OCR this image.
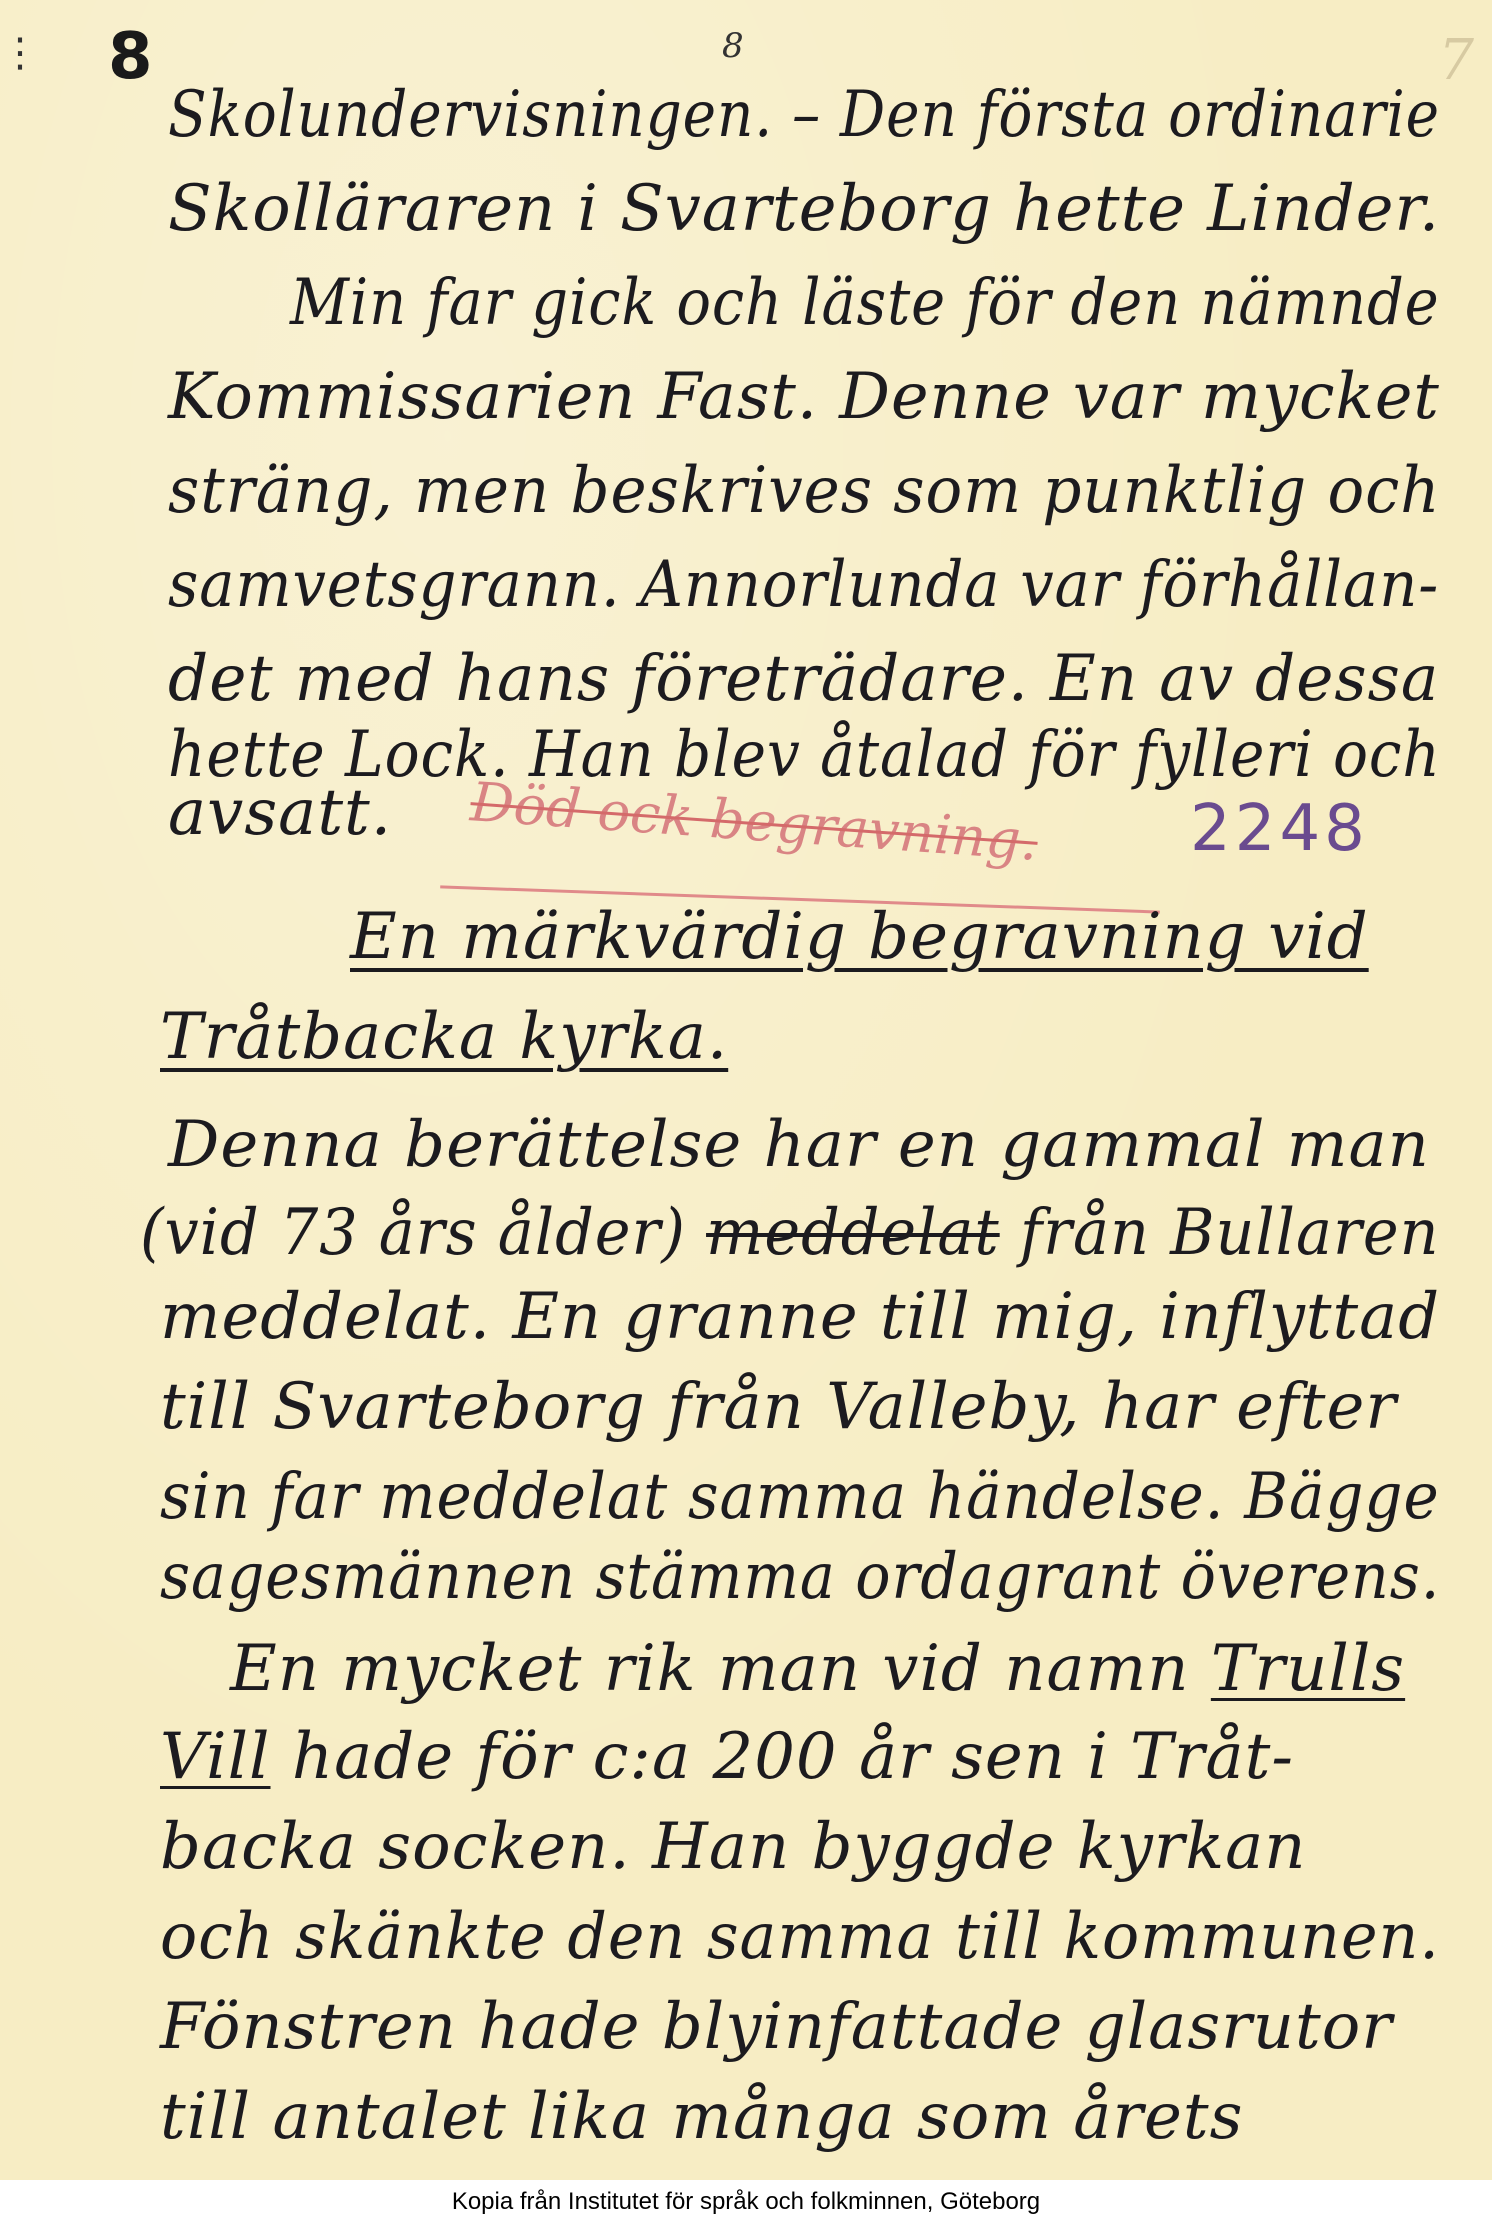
⋮ 8	8	7
Skolundervisningen. – Den första ordinarie
Skolläraren i Svarteborg hette Linder.
Min far gick och läste för den nämnde
Kommissarien Fast. Denne var mycket
sträng, men beskrives som punktlig och
samvetsgrann. Annorlunda var förhållan-
det med hans företrädare. En av dessa
hette Lock. Han blev åtalad för fylleri och
avsatt. Död ock begravning. 2248
En märkvärdig begravning vid
Tråtbacka kyrka.
Denna berättelse har en gammal man
(vid 73 års ålder) meddelat från Bullaren
meddelat. En granne till mig, inflyttad
till Svarteborg från Valleby, har efter
sin far meddelat samma händelse. Bägge
sagesmännen stämma ordagrant överens.
En mycket rik man vid namn Trulls
Vill hade för c:a 200 år sen i Tråt-
backa socken. Han byggde kyrkan
och skänkte den samma till kommunen.
Fönstren hade blyinfattade glasrutor
till antalet lika många som årets
Kopia från Institutet för språk och folkminnen, Göteborg
